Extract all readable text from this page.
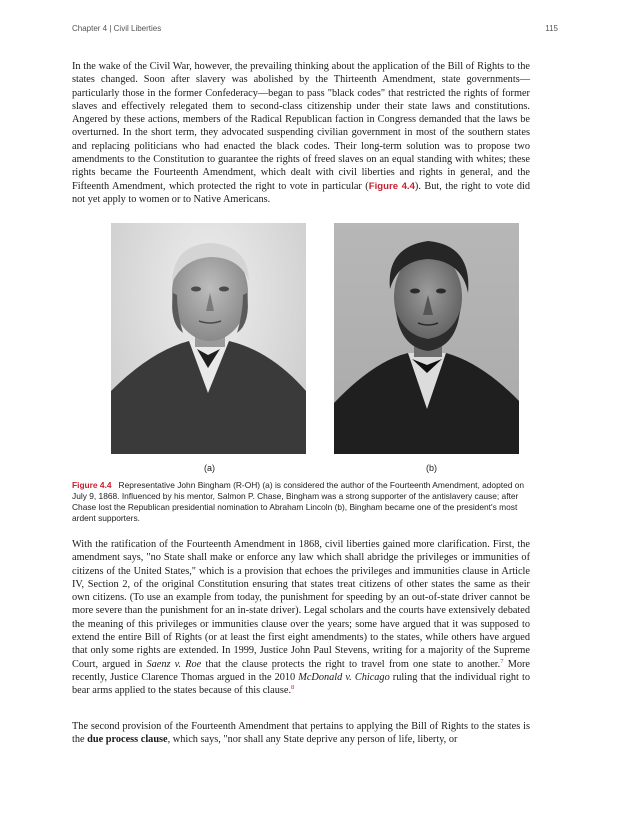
Chapter 4 | Civil Liberties	115

In the wake of the Civil War, however, the prevailing thinking about the application of the Bill of Rights to the states changed. Soon after slavery was abolished by the Thirteenth Amendment, state governments—particularly those in the former Confederacy—began to pass "black codes" that restricted the rights of former slaves and effectively relegated them to second-class citizenship under their state laws and constitutions. Angered by these actions, members of the Radical Republican faction in Congress demanded that the laws be overturned. In the short term, they advocated suspending civilian government in most of the southern states and replacing politicians who had enacted the black codes. Their long-term solution was to propose two amendments to the Constitution to guarantee the rights of freed slaves on an equal standing with whites; these rights became the Fourteenth Amendment, which dealt with civil liberties and rights in general, and the Fifteenth Amendment, which protected the right to vote in particular (Figure 4.4). But, the right to vote did not yet apply to women or to Native Americans.

(a)	(b)
Figure 4.4 Representative John Bingham (R-OH) (a) is considered the author of the Fourteenth Amendment, adopted on July 9, 1868. Influenced by his mentor, Salmon P. Chase, Bingham was a strong supporter of the antislavery cause; after Chase lost the Republican presidential nomination to Abraham Lincoln (b), Bingham became one of the president's most ardent supporters.

With the ratification of the Fourteenth Amendment in 1868, civil liberties gained more clarification. First, the amendment says, "no State shall make or enforce any law which shall abridge the privileges or immunities of citizens of the United States," which is a provision that echoes the privileges and immunities clause in Article IV, Section 2, of the original Constitution ensuring that states treat citizens of other states the same as their own citizens. (To use an example from today, the punishment for speeding by an out-of-state driver cannot be more severe than the punishment for an in-state driver). Legal scholars and the courts have extensively debated the meaning of this privileges or immunities clause over the years; some have argued that it was supposed to extend the entire Bill of Rights (or at least the first eight amendments) to the states, while others have argued that only some rights are extended. In 1999, Justice John Paul Stevens, writing for a majority of the Supreme Court, argued in Saenz v. Roe that the clause protects the right to travel from one state to another.$^7$ More recently, Justice Clarence Thomas argued in the 2010 McDonald v. Chicago ruling that the individual right to bear arms applied to the states because of this clause.$^8$

The second provision of the Fourteenth Amendment that pertains to applying the Bill of Rights to the states is the due process clause, which says, "nor shall any State deprive any person of life, liberty, or
